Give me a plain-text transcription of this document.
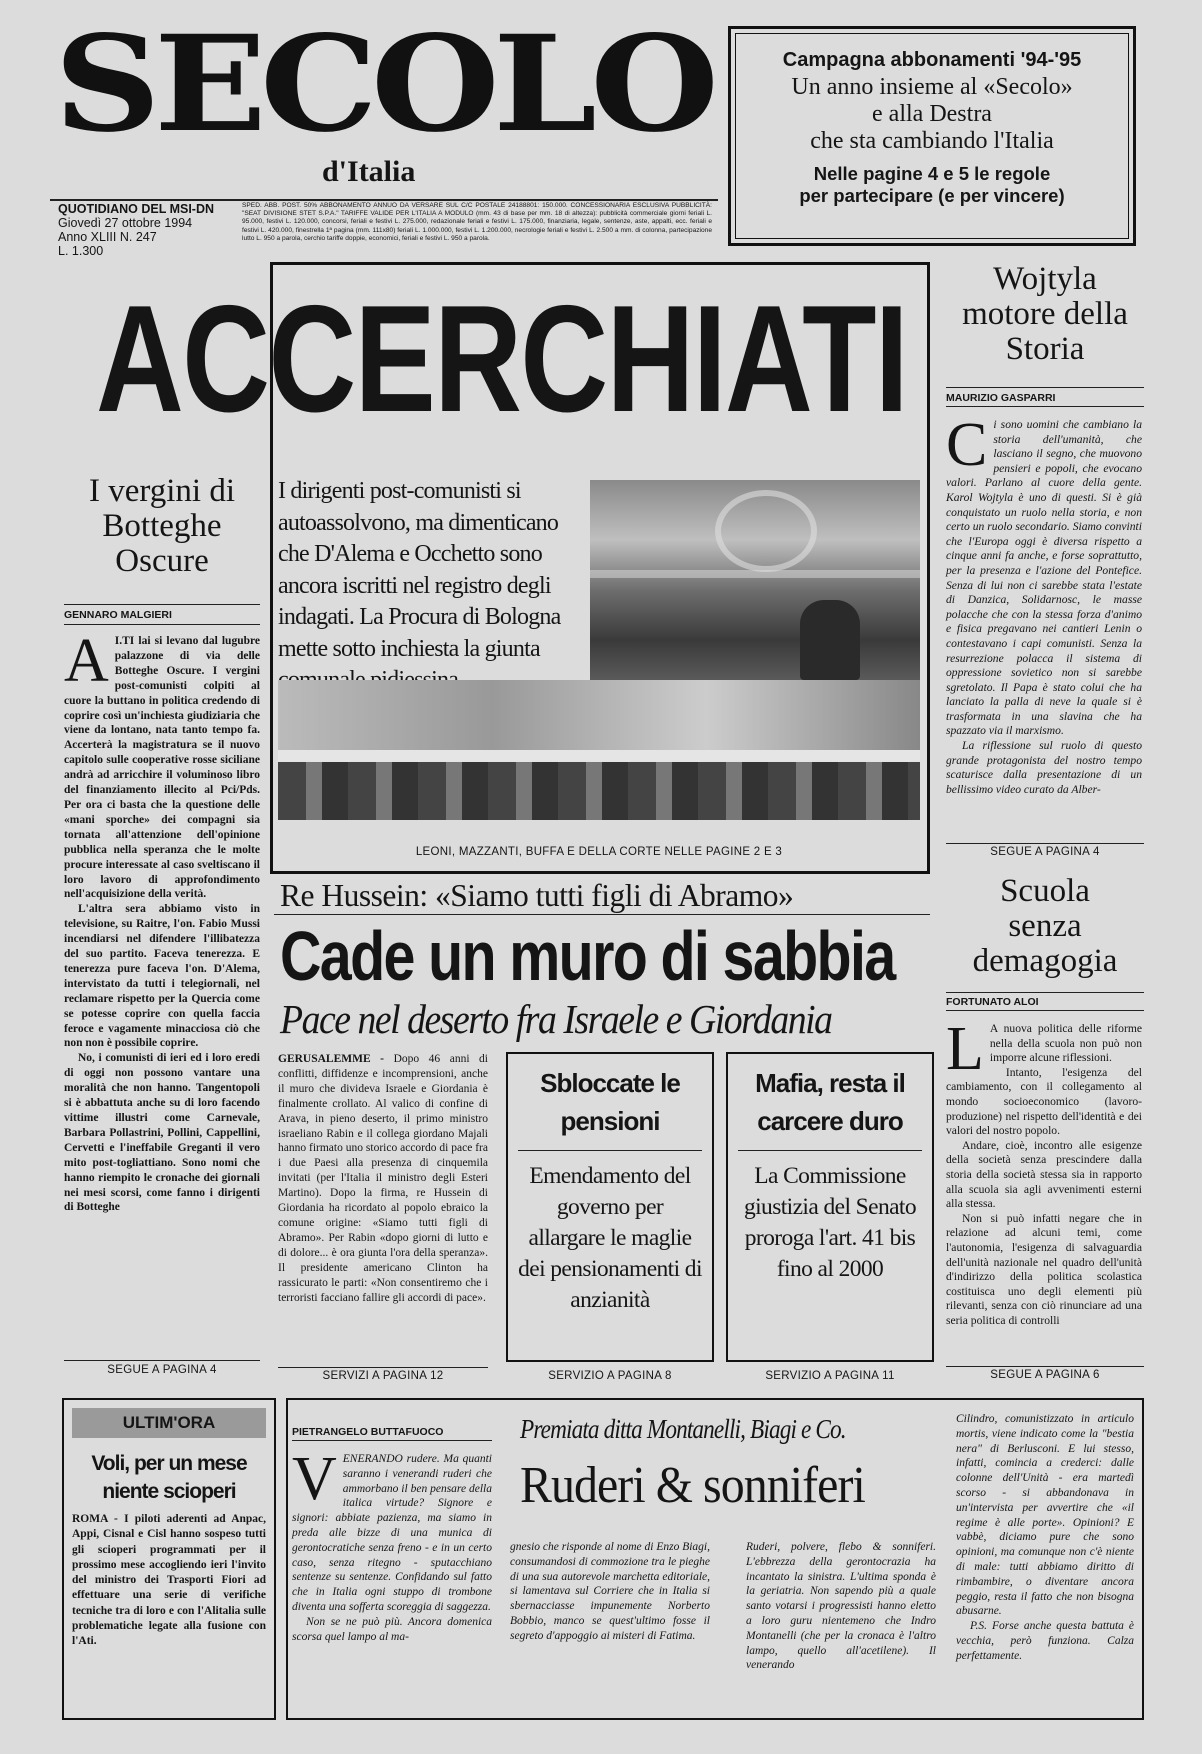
SECOLO
d'Italia
QUOTIDIANO DEL MSI-DN
Giovedì 27 ottobre 1994
Anno XLIII N. 247
L. 1.300
SPED. ABB. POST. 50% ABBONAMENTO ANNUO DA VERSARE SUL C/C POSTALE 24188801: 150.000. CONCESSIONARIA ESCLUSIVA PUBBLICITÀ: "SEAT DIVISIONE STET S.P.A." TARIFFE VALIDE PER L'ITALIA A MODULO (mm. 43 di base per mm. 18 di altezza): pubblicità commerciale giorni feriali L. 95.000, festivi L. 120.000, concorsi, feriali e festivi L. 275.000, redazionale feriali e festivi L. 175.000, finanziaria, legale, sentenze, aste, appalti, ecc. feriali e festivi L. 420.000, finestrella 1ª pagina (mm. 111x80) feriali L. 1.000.000, festivi L. 1.200.000, necrologie feriali e festivi L. 2.500 a mm. di colonna, partecipazione lutto L. 950 a parola, cerchio tariffe doppie, economici, feriali e festivi L. 950 a parola.
Campagna abbonamenti '94-'95
Un anno insieme al «Secolo»
e alla Destra
che sta cambiando l'Italia
Nelle pagine 4 e 5 le regole
per partecipare (e per vincere)
ACCERCHIATI
I dirigenti post-comunisti si autoassolvono, ma dimenticano che D'Alema e Occhetto sono ancora iscritti nel registro degli indagati. La Procura di Bologna mette sotto inchiesta la giunta
LEONI, MAZZANTI, BUFFA E DELLA CORTE NELLE PAGINE 2 E 3
Wojtyla motore della Storia
MAURIZIO GASPARRI
C i sono uomini che cambiano la storia dell'umanità, che lasciano il segno, che muovono pensieri e popoli, che evocano valori. Parlano al cuore della gente. Karol Wojtyla è uno di questi. Si è già conquistato un ruolo nella storia, e non certo un ruolo secondario. Siamo convinti che l'Europa oggi è diversa rispetto a cinque anni fa anche, e forse soprattutto, per la presenza e l'azione del Pontefice. Senza di lui non ci sarebbe stata l'estate di Danzica, Solidarnosc, le masse polacche che con la stessa forza d'animo e fisica pregavano nei cantieri Lenin o contestavano i capi comunisti. Senza la resurrezione polacca il sistema di oppressione sovietico non si sarebbe sgretolato. Il Papa è stato colui che ha lanciato la palla di neve la quale si è trasformata in una slavina che ha spazzato via il marxismo.
La riflessione sul ruolo di questo grande protagonista del nostro tempo scaturisce dalla presentazione di un bellissimo video curato da Alber-
SEGUE A PAGINA 4
I vergini di Botteghe Oscure
GENNARO MALGIERI
A I.TI lai si levano dal lugubre palazzone di via delle Botteghe Oscure. I vergini post-comunisti colpiti al cuore la buttano in politica credendo di coprire così un'inchiesta giudiziaria che viene da lontano, nata tanto tempo fa. Accerterà la magistratura se il nuovo capitolo sulle cooperative rosse siciliane andrà ad arricchire il voluminoso libro del finanziamento illecito al Pci/Pds. Per ora ci basta che la questione delle «mani sporche» dei compagni sia tornata all'attenzione dell'opinione pubblica nella speranza che le molte procure interessate al caso sveltiscano il loro lavoro di approfondimento nell'acquisizione della verità.
L'altra sera abbiamo visto in televisione, su Raitre, l'on. Fabio Mussi incendiarsi nel difendere l'illibatezza del suo partito. Faceva tenerezza. E tenerezza pure faceva l'on. D'Alema, intervistato da tutti i telegiornali, nel reclamare rispetto per la Quercia come se potesse coprire con quella faccia feroce e vagamente minacciosa ciò che non non è possibile coprire.
No, i comunisti di ieri ed i loro eredi di oggi non possono vantare una moralità che non hanno. Tangentopoli si è abbattuta anche su di loro facendo vittime illustri come Carnevale, Barbara Pollastrini, Pollini, Cappellini, Cervetti e l'ineffabile Greganti il vero mito post-togliattiano. Sono nomi che hanno riempito le cronache dei giornali nei mesi scorsi, come fanno i dirigenti di Botteghe
SEGUE A PAGINA 4
Re Hussein: «Siamo tutti figli di Abramo»
Cade un muro di sabbia
Pace nel deserto fra Israele e Giordania
GERUSALEMME - Dopo 46 anni di conflitti, diffidenze e incomprensioni, anche il muro che divideva Israele e Giordania è finalmente crollato. Al valico di confine di Arava, in pieno deserto, il primo ministro israeliano Rabin e il collega giordano Majali hanno firmato uno storico accordo di pace fra i due Paesi alla presenza di cinquemila invitati (per l'Italia il ministro degli Esteri Martino). Dopo la firma, re Hussein di Giordania ha ricordato al popolo ebraico la comune origine: «Siamo tutti figli di Abramo». Per Rabin «dopo giorni di lutto e di dolore... è ora giunta l'ora della speranza». Il presidente americano Clinton ha rassicurato le parti: «Non consentiremo che i terroristi facciano fallire gli accordi di pace».
SERVIZI A PAGINA 12
Sbloccate le pensioni
Emendamento del governo per allargare le maglie dei pensionamenti di anzianità
SERVIZIO A PAGINA 8
Mafia, resta il carcere duro
La Commissione giustizia del Senato proroga l'art. 41 bis fino al 2000
SERVIZIO A PAGINA 11
Scuola senza demagogia
FORTUNATO ALOI
L A nuova politica delle riforme nella della scuola non può non imporre alcune riflessioni.
Intanto, l'esigenza del cambiamento, con il collegamento al mondo socioeconomico (lavoro-produzione) nel rispetto dell'identità e dei valori del nostro popolo.
Andare, cioè, incontro alle esigenze della società senza prescindere dalla storia della società stessa sia in rapporto alla scuola sia agli avvenimenti esterni alla stessa.
Non si può infatti negare che in relazione ad alcuni temi, come l'autonomia, l'esigenza di salvaguardia dell'unità nazionale nel quadro dell'unità d'indirizzo della politica scolastica costituisca uno degli elementi più rilevanti, senza con ciò rinunciare ad una seria politica di controlli
SEGUE A PAGINA 6
ULTIM'ORA
Voli, per un mese niente scioperi
ROMA - I piloti aderenti ad Anpac, Appi, Cisnal e Cisl hanno sospeso tutti gli scioperi programmati per il prossimo mese accogliendo ieri l'invito del ministro dei Trasporti Fiori ad effettuare una serie di verifiche tecniche tra di loro e con l'Alitalia sulle problematiche legate alla fusione con l'Ati.
PIETRANGELO BUTTAFUOCO
V ENERANDO rudere. Ma quanti saranno i venerandi ruderi che ammorbano il ben pensare della italica virtude? Signore e signori: abbiate pazienza, ma siamo in preda alle bizze di una munica di gerontocratiche senza freno - e in un certo caso, senza ritegno - sputacchiano sentenze su sentenze. Confidando sul fatto che in Italia ogni stuppo di trombone diventa una sofferta scoreggia di saggezza.
Non se ne può più. Ancora domenica scorsa quel lampo al ma-
Premiata ditta Montanelli, Biagi e Co.
Ruderi & sonniferi
gnesio che risponde al nome di Enzo Biagi, consumandosi di commozione tra le pieghe di una sua autorevole marchetta editoriale, si lamentava sul Corriere che in Italia si sbernacciasse impunemente Norberto Bobbio, manco se quest'ultimo fosse il segreto d'appoggio ai misteri di Fatima.
Ruderi, polvere, flebo & sonniferi. L'ebbrezza della gerontocrazia ha incantato la sinistra. L'ultima sponda è la geriatria. Non sapendo più a quale santo votarsi i progressisti hanno eletto a loro guru nientemeno che Indro Montanelli (che per la cronaca è l'altro lampo, quello all'acetilene). Il venerando
Cilindro, comunistizzato in articulo mortis, viene indicato come la "bestia nera" di Berlusconi. E lui stesso, infatti, comincia a crederci: dalle colonne dell'Unità - era martedì scorso - si abbandonava in un'intervista per avvertire che «il regime è alle porte». Opinioni? E vabbè, diciamo pure che sono opinioni, ma comunque non c'è niente di male: tutti abbiamo diritto di rimbambire, o diventare ancora peggio, resta il fatto che non bisogna abusarne.
P.S. Forse anche questa battuta è vecchia, però funziona. Calza perfettamente.
